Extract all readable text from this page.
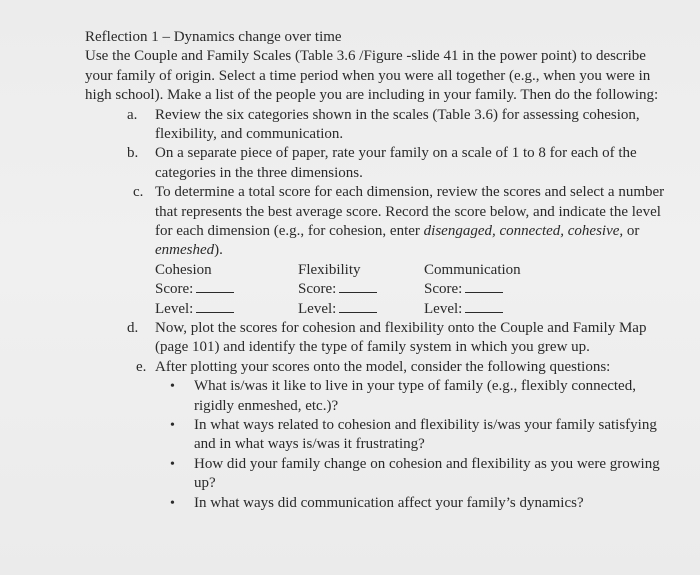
Reflection 1 – Dynamics change over time
Use the Couple and Family Scales (Table 3.6 /Figure -slide 41 in the power point) to describe
your family of origin. Select a time period when you were all together (e.g., when you were in
high school). Make a list of the people you are including in your family. Then do the following:
a. Review the six categories shown in the scales (Table 3.6) for assessing cohesion,
flexibility, and communication.
b. On a separate piece of paper, rate your family on a scale of 1 to 8 for each of the
categories in the three dimensions.
c. To determine a total score for each dimension, review the scores and select a number
that represents the best average score. Record the score below, and indicate the level
for each dimension (e.g., for cohesion, enter disengaged, connected, cohesive, or
enmeshed).
Cohesion	Flexibility	Communication
Score:	Score:	Score:
Level:	Level:	Level:
d. Now, plot the scores for cohesion and flexibility onto the Couple and Family Map
(page 101) and identify the type of family system in which you grew up.
e. After plotting your scores onto the model, consider the following questions:
• What is/was it like to live in your type of family (e.g., flexibly connected,
rigidly enmeshed, etc.)?
• In what ways related to cohesion and flexibility is/was your family satisfying
and in what ways is/was it frustrating?
• How did your family change on cohesion and flexibility as you were growing
up?
• In what ways did communication affect your family’s dynamics?
